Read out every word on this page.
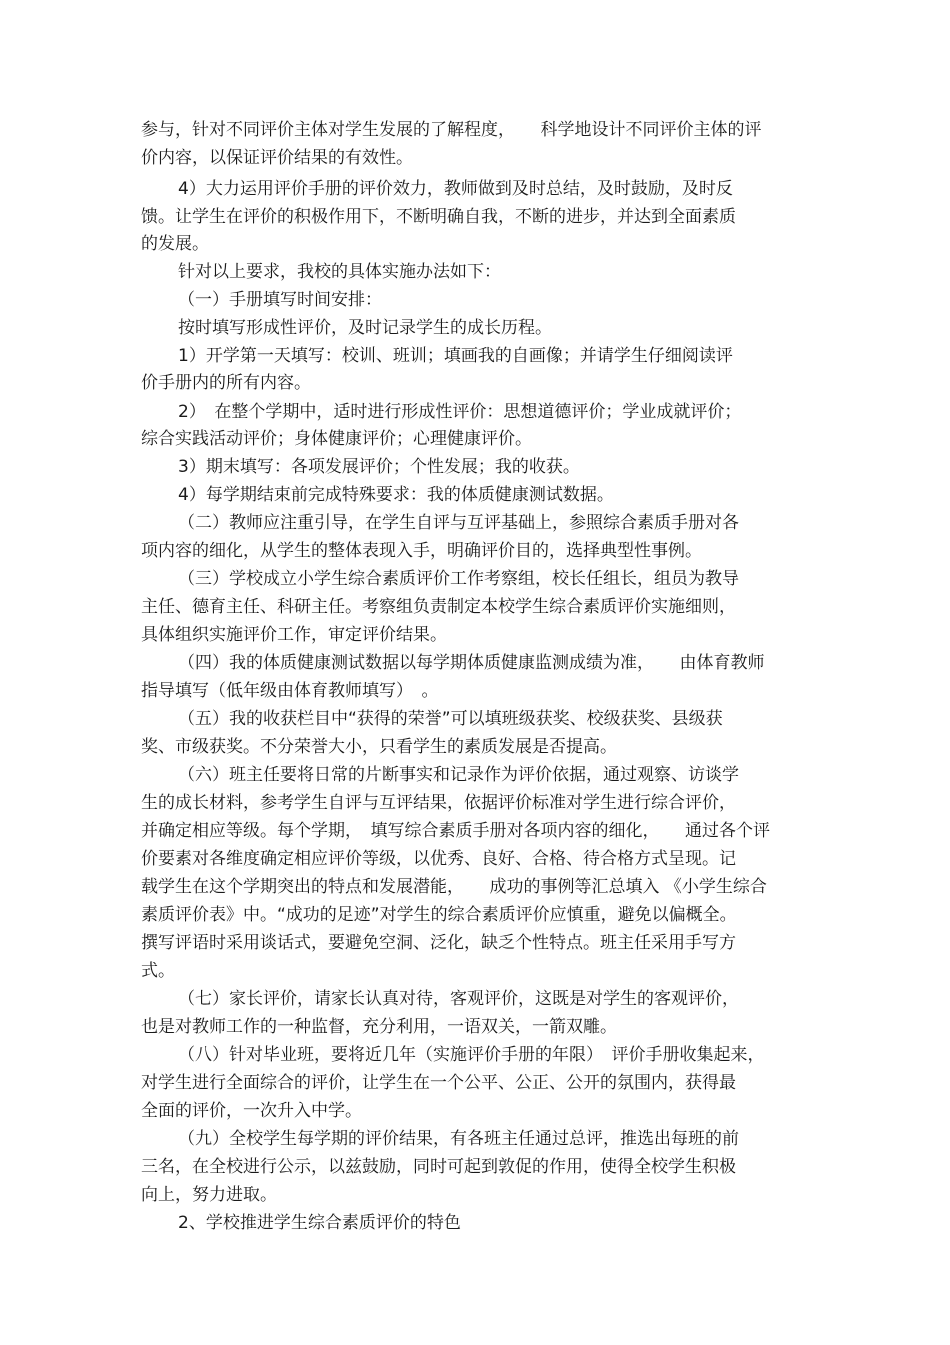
参与，针对不同评价主体对学生发展的了解程度，　　科学地设计不同评价主体的评
价内容，以保证评价结果的有效性。
4）大力运用评价手册的评价效力，教师做到及时总结，及时鼓励，及时反
馈。让学生在评价的积极作用下，不断明确自我，不断的进步，并达到全面素质
的发展。
针对以上要求，我校的具体实施办法如下：
（一）手册填写时间安排：
按时填写形成性评价，及时记录学生的成长历程。
1）开学第一天填写：校训、班训；填画我的自画像；并请学生仔细阅读评
价手册内的所有内容。
2）　在整个学期中，适时进行形成性评价：思想道德评价；学业成就评价；
综合实践活动评价；身体健康评价；心理健康评价。
3）期末填写：各项发展评价；个性发展；我的收获。
4）每学期结束前完成特殊要求：我的体质健康测试数据。
（二）教师应注重引导，在学生自评与互评基础上，参照综合素质手册对各
项内容的细化，从学生的整体表现入手，明确评价目的，选择典型性事例。
（三）学校成立小学生综合素质评价工作考察组，校长任组长，组员为教导
主任、德育主任、科研主任。考察组负责制定本校学生综合素质评价实施细则，
具体组织实施评价工作，审定评价结果。
（四）我的体质健康测试数据以每学期体质健康监测成绩为准，　　由体育教师
指导填写（低年级由体育教师填写）　。
（五）我的收获栏目中“获得的荣誉”可以填班级获奖、校级获奖、县级获
奖、市级获奖。不分荣誉大小，只看学生的素质发展是否提高。
（六）班主任要将日常的片断事实和记录作为评价依据，通过观察、访谈学
生的成长材料，参考学生自评与互评结果，依据评价标准对学生进行综合评价，
并确定相应等级。每个学期，　填写综合素质手册对各项内容的细化，　　通过各个评
价要素对各维度确定相应评价等级，以优秀、良好、合格、待合格方式呈现。记
载学生在这个学期突出的特点和发展潜能，　　成功的事例等汇总填入 《小学生综合
素质评价表》中。“成功的足迹”对学生的综合素质评价应慎重，避免以偏概全。
撰写评语时采用谈话式，要避免空洞、泛化，缺乏个性特点。班主任采用手写方
式。
（七）家长评价，请家长认真对待，客观评价，这既是对学生的客观评价，
也是对教师工作的一种监督，充分利用，一语双关，一箭双雕。
（八）针对毕业班，要将近几年（实施评价手册的年限）　评价手册收集起来，
对学生进行全面综合的评价，让学生在一个公平、公正、公开的氛围内，获得最
全面的评价，一次升入中学。
（九）全校学生每学期的评价结果，有各班主任通过总评，推选出每班的前
三名，在全校进行公示，以兹鼓励，同时可起到敦促的作用，使得全校学生积极
向上，努力进取。
2、学校推进学生综合素质评价的特色
